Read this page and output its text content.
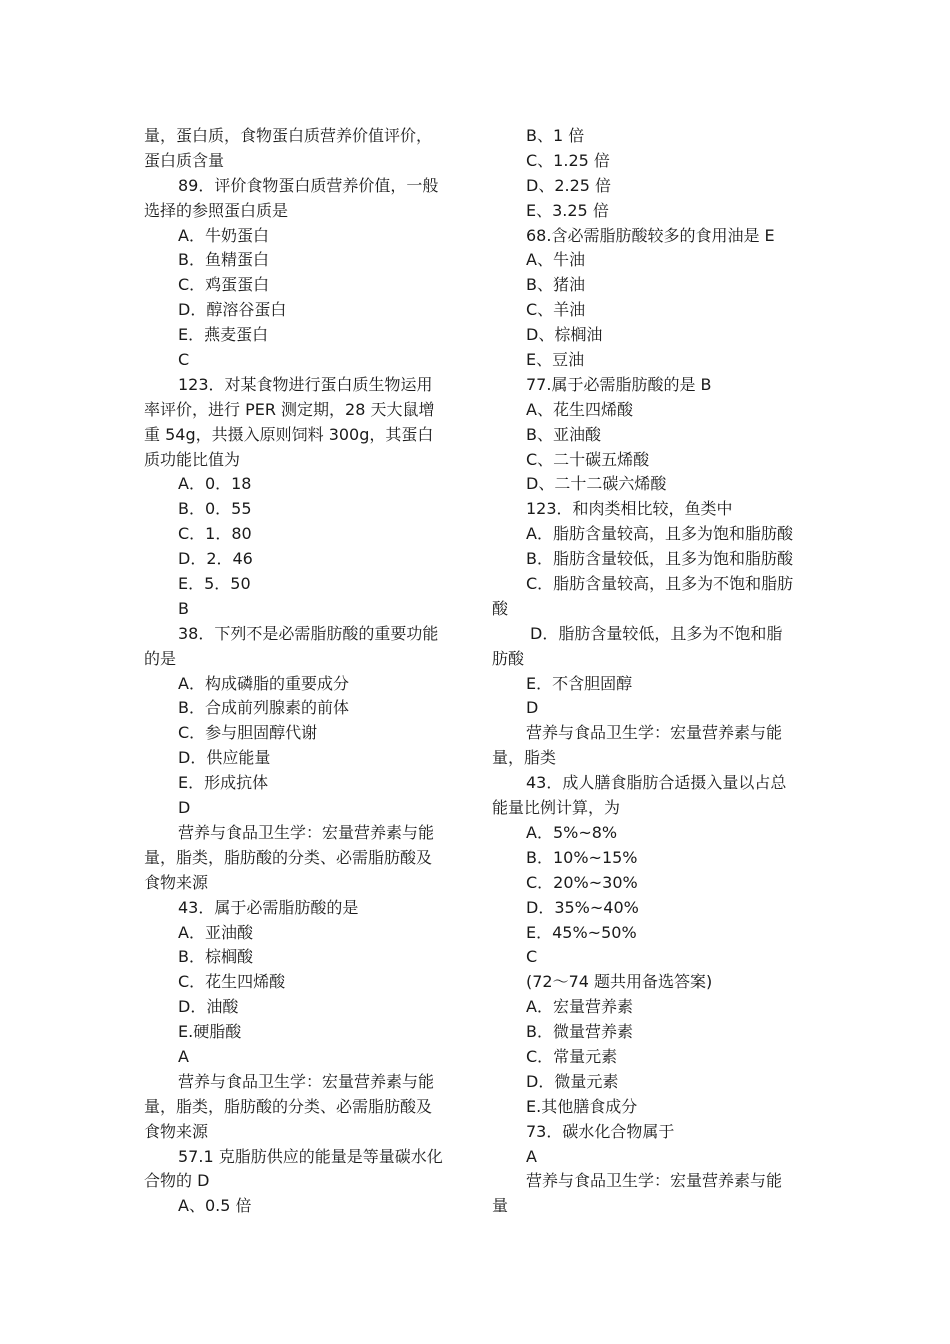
量，蛋白质，食物蛋白质营养价值评价，
蛋白质含量
89．评价食物蛋白质营养价值，一般
选择的参照蛋白质是
A．牛奶蛋白
B．鱼精蛋白
C．鸡蛋蛋白
D．醇溶谷蛋白
E．燕麦蛋白
C
123．对某食物进行蛋白质生物运用
率评价，进行 PER 测定期，28 天大鼠增
重 54g，共摄入原则饲料 300g，其蛋白
质功能比值为
A．0．18
B．0．55
C．1．80
D．2．46
E．5．50
B
38．下列不是必需脂肪酸的重要功能
的是
A．构成磷脂的重要成分
B．合成前列腺素的前体
C．参与胆固醇代谢
D．供应能量
E．形成抗体
D
营养与食品卫生学：宏量营养素与能
量，脂类，脂肪酸的分类、必需脂肪酸及
食物来源
43．属于必需脂肪酸的是
A．亚油酸
B．棕榈酸
C．花生四烯酸
D．油酸
E.硬脂酸
A
营养与食品卫生学：宏量营养素与能
量，脂类，脂肪酸的分类、必需脂肪酸及
食物来源
57.1 克脂肪供应的能量是等量碳水化
合物的 D
A、0.5 倍
B、1 倍
C、1.25 倍
D、2.25 倍
E、3.25 倍
68.含必需脂肪酸较多的食用油是 E
A、牛油
B、猪油
C、羊油
D、棕榈油
E、豆油
77.属于必需脂肪酸的是 B
A、花生四烯酸
B、亚油酸
C、二十碳五烯酸
D、二十二碳六烯酸
123．和肉类相比较，鱼类中
A．脂肪含量较高，且多为饱和脂肪酸
B．脂肪含量较低，且多为饱和脂肪酸
C．脂肪含量较高，且多为不饱和脂肪
酸
D．脂肪含量较低，且多为不饱和脂
肪酸
E．不含胆固醇
D
营养与食品卫生学：宏量营养素与能
量，脂类
43．成人膳食脂肪合适摄入量以占总
能量比例计算，为
A．5%~8%
B．10%~15%
C．20%~30%
D．35%~40%
E．45%~50%
C
(72～74 题共用备选答案)
A．宏量营养素
B．微量营养素
C．常量元素
D．微量元素
E.其他膳食成分
73．碳水化合物属于
A
营养与食品卫生学：宏量营养素与能
量
